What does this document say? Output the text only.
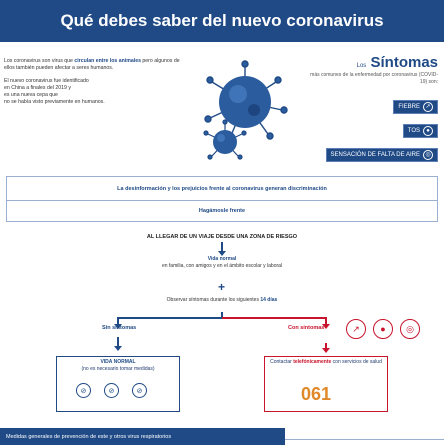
Qué debes saber del nuevo coronavirus

Los coronavirus son virus que circulan entre los animales pero algunos de ellos también pueden afectar a seres humanos.

El nuevo coronavirus fue identificado
en China a finales del 2019 y
es una nueva cepa que
no se había visto previamente en humanos.

Los Síntomas
más comunes de la enfermedad por coronavirus (COVID-19) son:
FIEBRE ↗
TOS	●
SENSACIÓN DE FALTA DE AIRE ◎
La desinformación y los prejuicios frente al coronavirus generan discriminación
Hagámosle frente
AL LLEGAR DE UN VIAJE DESDE UNA ZONA DE RIESGO
Vida normal
en familia, con amigos y en el ámbito escolar y laboral
+
Observar síntomas durante los siguientes 14 días
Sin síntomas	Con síntomas	↗	●	◎
VIDA NORMAL
(no es necesario tomar medidas)
⊘	⊘	⊘
Contactar telefónicamente con servicios de salud
061
Medidas generales de prevención de este y otros virus respiratorios
